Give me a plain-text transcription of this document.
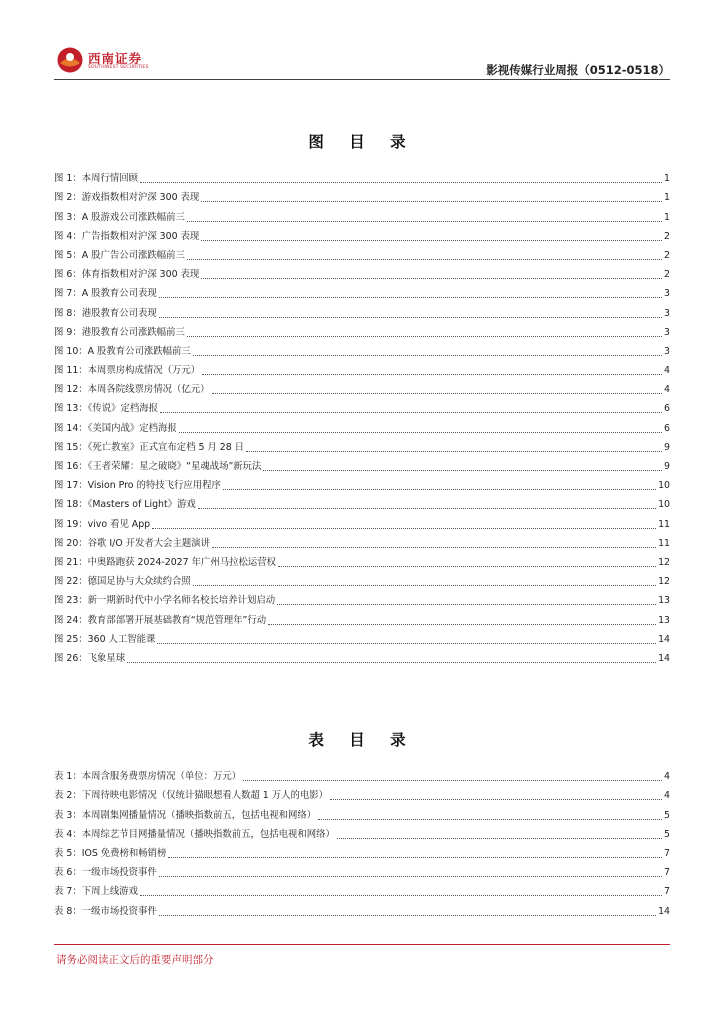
西南证券
SOUTHWEST SECURITIES	影视传媒行业周报（0512-0518）
图 目 录
图 1：本周行情回顾	1
图 2：游戏指数相对沪深 300 表现	1
图 3：A 股游戏公司涨跌幅前三	1
图 4：广告指数相对沪深 300 表现	2
图 5：A 股广告公司涨跌幅前三	2
图 6：体育指数相对沪深 300 表现	2
图 7：A 股教育公司表现	3
图 8：港股教育公司表现	3
图 9：港股教育公司涨跌幅前三	3
图 10：A 股教育公司涨跌幅前三	3
图 11：本周票房构成情况（万元）	4
图 12：本周各院线票房情况（亿元）	4
图 13：《传说》定档海报	6
图 14：《美国内战》定档海报	6
图 15：《死亡教室》正式宣布定档 5 月 28 日	9
图 16：《王者荣耀：星之破晓》“星魂战场”新玩法	9
图 17：Vision Pro 的特技飞行应用程序	10
图 18：《Masters of Light》游戏	10
图 19：vivo 看见 App	11
图 20：谷歌 I/O 开发者大会主题演讲	11
图 21：中奥路跑获 2024-2027 年广州马拉松运营权	12
图 22：德国足协与大众续约合照	12
图 23：新一期新时代中小学名师名校长培养计划启动	13
图 24：教育部部署开展基础教育“规范管理年”行动	13
图 25：360 人工智能课	14
图 26：飞象星球	14
表 目 录
表 1：本周含服务费票房情况（单位：万元）	4
表 2：下周待映电影情况（仅统计猫眼想看人数超 1 万人的电影）	4
表 3：本周剧集网播量情况（播映指数前五，包括电视和网络）	5
表 4：本周综艺节目网播量情况（播映指数前五，包括电视和网络）	5
表 5：IOS 免费榜和畅销榜	7
表 6：一级市场投资事件	7
表 7：下周上线游戏	7
表 8：一级市场投资事件	14
请务必阅读正文后的重要声明部分
